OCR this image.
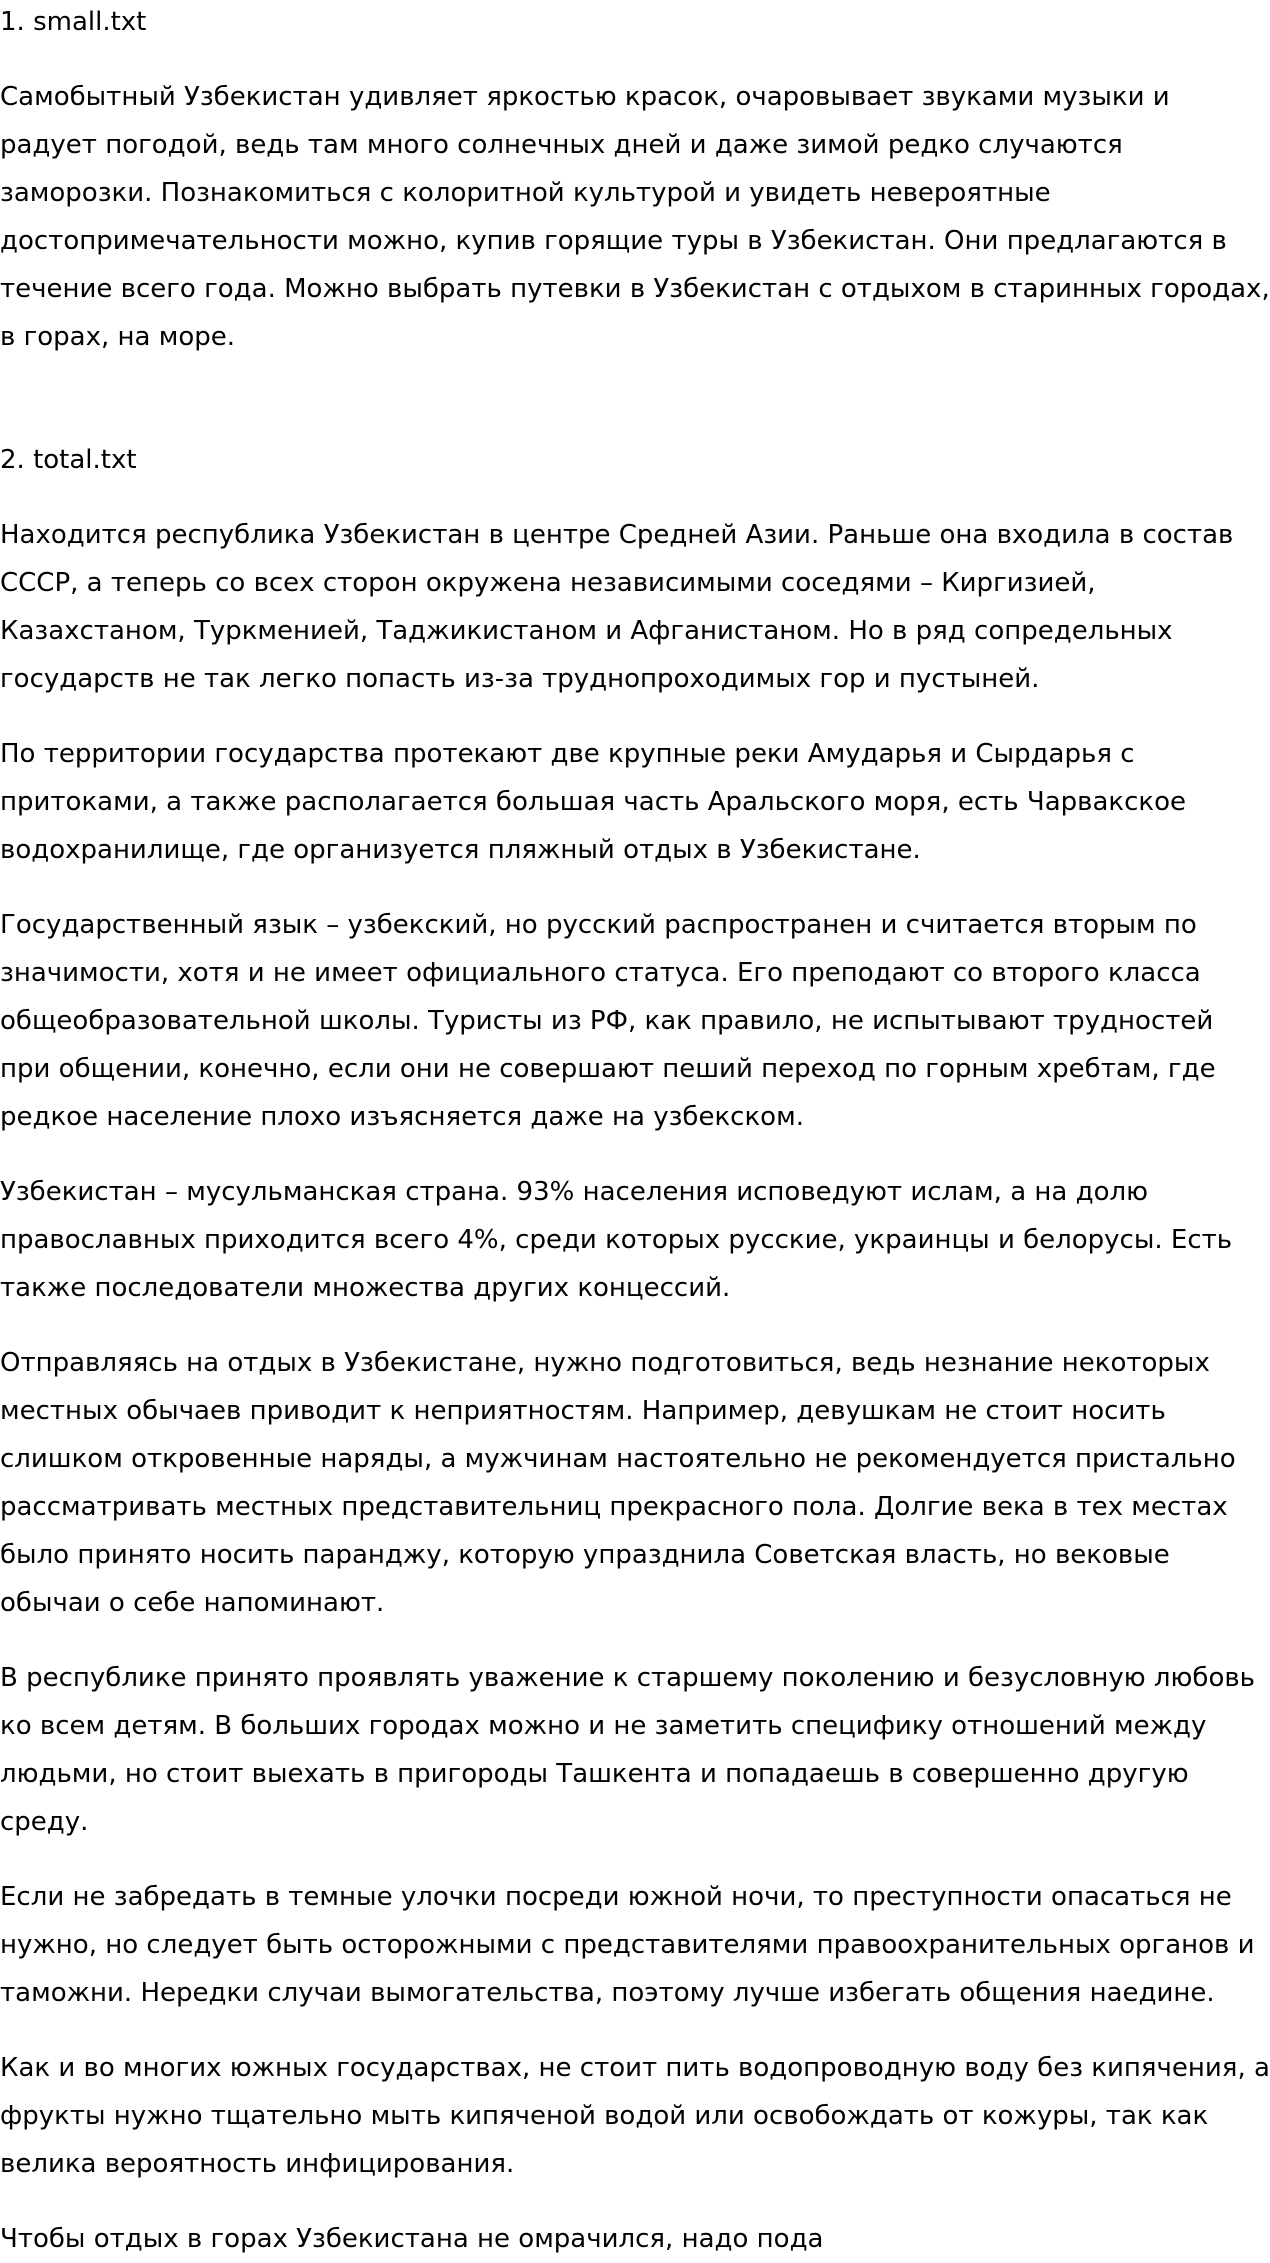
1. small.txt

Самобытный Узбекистан удивляет яркостью красок, очаровывает звуками музыки и радует погодой, ведь там много солнечных дней и даже зимой редко случаются заморозки. Познакомиться с колоритной культурой и увидеть невероятные достопримечательности можно, купив горящие туры в Узбекистан. Они предлагаются в течение всего года. Можно выбрать путевки в Узбекистан с отдыхом в старинных городах, в горах, на море.

2. total.txt

Находится республика Узбекистан в центре Средней Азии. Раньше она входила в состав СССР, а теперь со всех сторон окружена независимыми соседями – Киргизией, Казахстаном, Туркменией, Таджикистаном и Афганистаном. Но в ряд сопредельных государств не так легко попасть из-за труднопроходимых гор и пустыней.

По территории государства протекают две крупные реки Амударья и Сырдарья с притоками, а также располагается большая часть Аральского моря, есть Чарвакское водохранилище, где организуется пляжный отдых в Узбекистане.

Государственный язык – узбекский, но русский распространен и считается вторым по значимости, хотя и не имеет официального статуса. Его преподают со второго класса общеобразовательной школы. Туристы из РФ, как правило, не испытывают трудностей при общении, конечно, если они не совершают пеший переход по горным хребтам, где редкое население плохо изъясняется даже на узбекском.

Узбекистан – мусульманская страна. 93% населения исповедуют ислам, а на долю православных приходится всего 4%, среди которых русские, украинцы и белорусы. Есть также последователи множества других концессий.

Отправляясь на отдых в Узбекистане, нужно подготовиться, ведь незнание некоторых местных обычаев приводит к неприятностям. Например, девушкам не стоит носить слишком откровенные наряды, а мужчинам настоятельно не рекомендуется пристально рассматривать местных представительниц прекрасного пола. Долгие века в тех местах было принято носить паранджу, которую упразднила Советская власть, но вековые обычаи о себе напоминают.

В республике принято проявлять уважение к старшему поколению и безусловную любовь ко всем детям. В больших городах можно и не заметить специфику отношений между людьми, но стоит выехать в пригороды Ташкента и попадаешь в совершенно другую среду.

Если не забредать в темные улочки посреди южной ночи, то преступности опасаться не нужно, но следует быть осторожными с представителями правоохранительных органов и таможни. Нередки случаи вымогательства, поэтому лучше избегать общения наедине.

Как и во многих южных государствах, не стоит пить водопроводную воду без кипячения, а фрукты нужно тщательно мыть кипяченой водой или освобождать от кожуры, так как велика вероятность инфицирования.

Чтобы отдых в горах Узбекистана не омрачился, надо пода
